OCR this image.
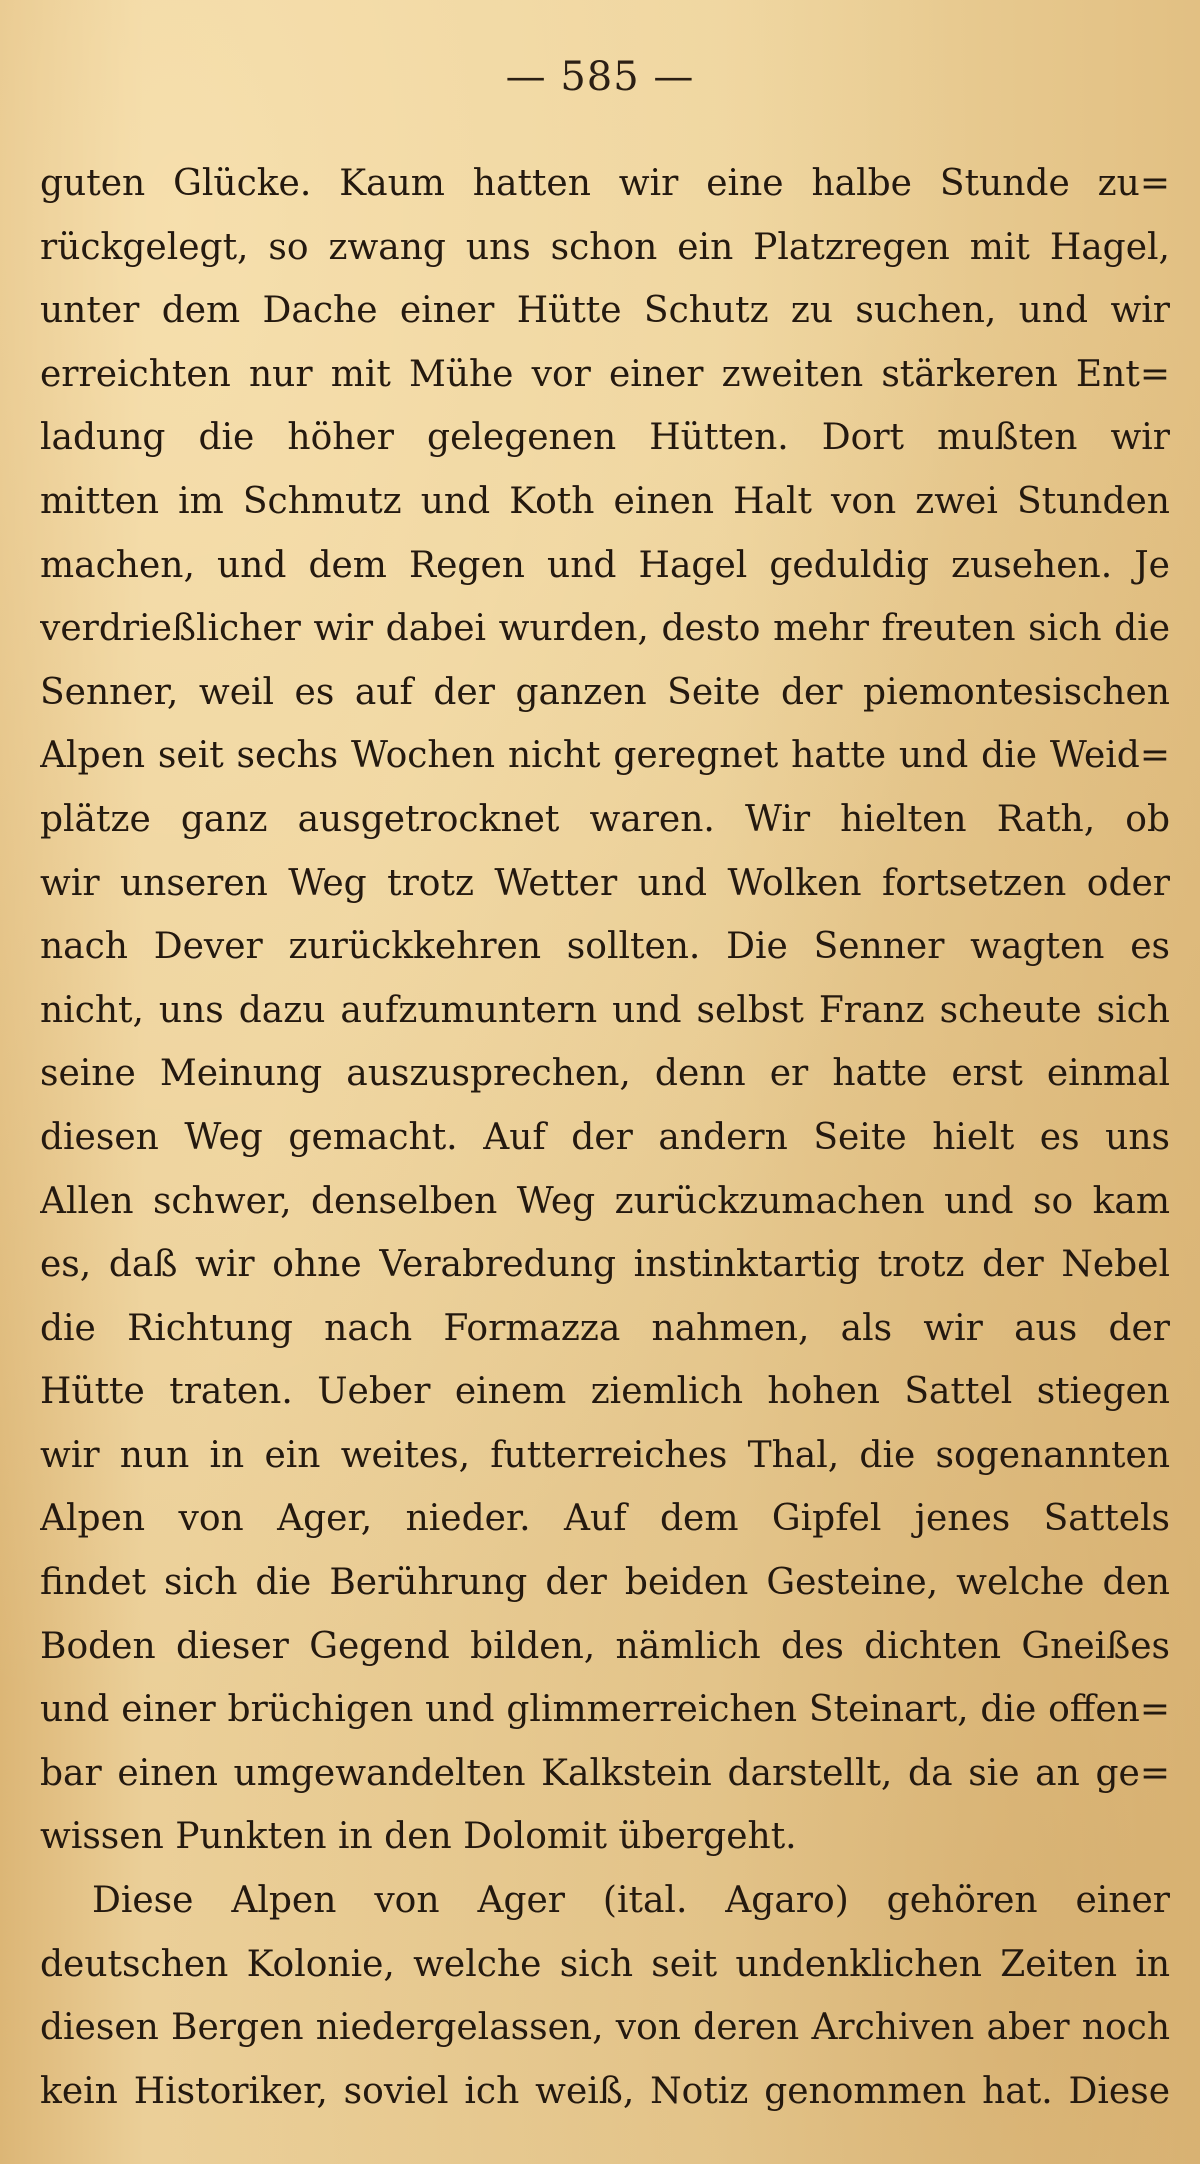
— 585 —
guten Glücke. Kaum hatten wir eine halbe Stunde zu=
rückgelegt, so zwang uns schon ein Platzregen mit Hagel,
unter dem Dache einer Hütte Schutz zu suchen, und wir
erreichten nur mit Mühe vor einer zweiten stärkeren Ent=
ladung die höher gelegenen Hütten. Dort mußten wir
mitten im Schmutz und Koth einen Halt von zwei Stunden
machen, und dem Regen und Hagel geduldig zusehen. Je
verdrießlicher wir dabei wurden, desto mehr freuten sich die
Senner, weil es auf der ganzen Seite der piemontesischen
Alpen seit sechs Wochen nicht geregnet hatte und die Weid=
plätze ganz ausgetrocknet waren. Wir hielten Rath, ob
wir unseren Weg trotz Wetter und Wolken fortsetzen oder
nach Dever zurückkehren sollten. Die Senner wagten es
nicht, uns dazu aufzumuntern und selbst Franz scheute sich
seine Meinung auszusprechen, denn er hatte erst einmal
diesen Weg gemacht. Auf der andern Seite hielt es uns
Allen schwer, denselben Weg zurückzumachen und so kam
es, daß wir ohne Verabredung instinktartig trotz der Nebel
die Richtung nach Formazza nahmen, als wir aus der
Hütte traten. Ueber einem ziemlich hohen Sattel stiegen
wir nun in ein weites, futterreiches Thal, die sogenannten
Alpen von Ager, nieder. Auf dem Gipfel jenes Sattels
findet sich die Berührung der beiden Gesteine, welche den
Boden dieser Gegend bilden, nämlich des dichten Gneißes
und einer brüchigen und glimmerreichen Steinart, die offen=
bar einen umgewandelten Kalkstein darstellt, da sie an ge=
wissen Punkten in den Dolomit übergeht.
Diese Alpen von Ager (ital. Agaro) gehören einer
deutschen Kolonie, welche sich seit undenklichen Zeiten in
diesen Bergen niedergelassen, von deren Archiven aber noch
kein Historiker, soviel ich weiß, Notiz genommen hat. Diese
